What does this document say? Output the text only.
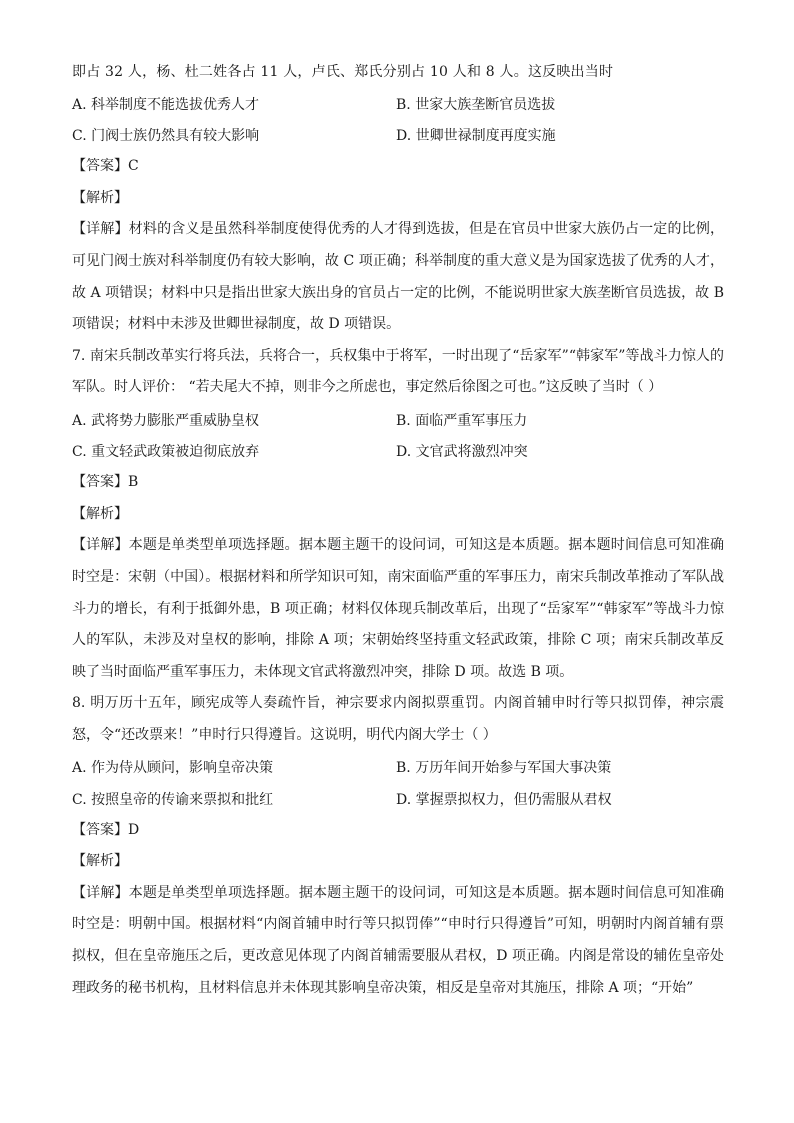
即占 32 人，杨、杜二姓各占 11 人，卢氏、郑氏分别占 10 人和 8 人。这反映出当时
A. 科举制度不能选拔优秀人才	B. 世家大族垄断官员选拔
C. 门阀士族仍然具有较大影响	D. 世卿世禄制度再度实施
【答案】C
【解析】
【详解】材料的含义是虽然科举制度使得优秀的人才得到选拔，但是在官员中世家大族仍占一定的比例，可见门阀士族对科举制度仍有较大影响，故 C 项正确；科举制度的重大意义是为国家选拔了优秀的人才，故 A 项错误；材料中只是指出世家大族出身的官员占一定的比例，不能说明世家大族垄断官员选拔，故 B 项错误；材料中未涉及世卿世禄制度，故 D 项错误。
7. 南宋兵制改革实行将兵法，兵将合一，兵权集中于将军，一时出现了“岳家军”“韩家军”等战斗力惊人的军队。时人评价： “若夫尾大不掉，则非今之所虑也，事定然后徐图之可也。”这反映了当时（ ）
A. 武将势力膨胀严重威胁皇权	B. 面临严重军事压力
C. 重文轻武政策被迫彻底放弃	D. 文官武将激烈冲突
【答案】B
【解析】
【详解】本题是单类型单项选择题。据本题主题干的设问词，可知这是本质题。据本题时间信息可知准确时空是：宋朝（中国）。根据材料和所学知识可知，南宋面临严重的军事压力，南宋兵制改革推动了军队战斗力的增长，有利于抵御外患，B 项正确；材料仅体现兵制改革后，出现了“岳家军”“韩家军”等战斗力惊人的军队，未涉及对皇权的影响，排除 A 项；宋朝始终坚持重文轻武政策，排除 C 项；南宋兵制改革反映了当时面临严重军事压力，未体现文官武将激烈冲突，排除 D 项。故选 B 项。
8. 明万历十五年，顾宪成等人奏疏忤旨，神宗要求内阁拟票重罚。内阁首辅申时行等只拟罚俸，神宗震怒，令“还改票来！”申时行只得遵旨。这说明，明代内阁大学士（ ）
A. 作为侍从顾问，影响皇帝决策	B. 万历年间开始参与军国大事决策
C. 按照皇帝的传谕来票拟和批红	D. 掌握票拟权力，但仍需服从君权
【答案】D
【解析】
【详解】本题是单类型单项选择题。据本题主题干的设问词，可知这是本质题。据本题时间信息可知准确时空是：明朝中国。根据材料“内阁首辅申时行等只拟罚俸”“申时行只得遵旨”可知，明朝时内阁首辅有票拟权，但在皇帝施压之后，更改意见体现了内阁首辅需要服从君权，D 项正确。内阁是常设的辅佐皇帝处理政务的秘书机构，且材料信息并未体现其影响皇帝决策，相反是皇帝对其施压，排除 A 项；“开始”
